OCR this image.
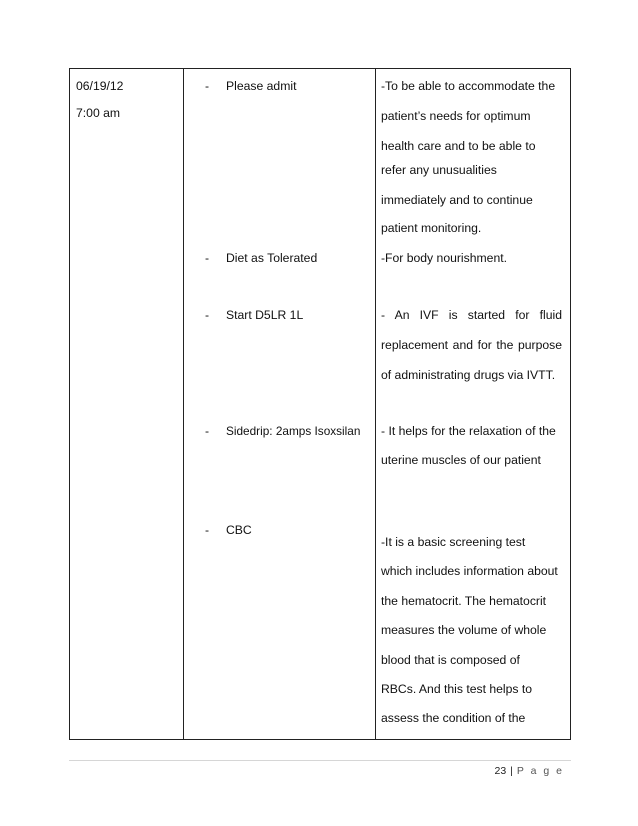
06/19/12
7:00 am
- Please admit
- Diet as Tolerated
- Start D5LR 1L
- Sidedrip: 2amps Isoxsilan
- CBC
-To be able to accommodate the
patient’s needs for optimum
health care and to be able to
refer any unusualities
immediately and to continue
patient monitoring.
-For body nourishment.
- An IVF is started for fluid
replacement and for the purpose
of administrating drugs via IVTT.
- It helps for the relaxation of the
uterine muscles of our patient
-It is a basic screening test
which includes information about
the hematocrit. The hematocrit
measures the volume of whole
blood that is composed of
RBCs. And this test helps to
assess the condition of the
23 | P a g e
